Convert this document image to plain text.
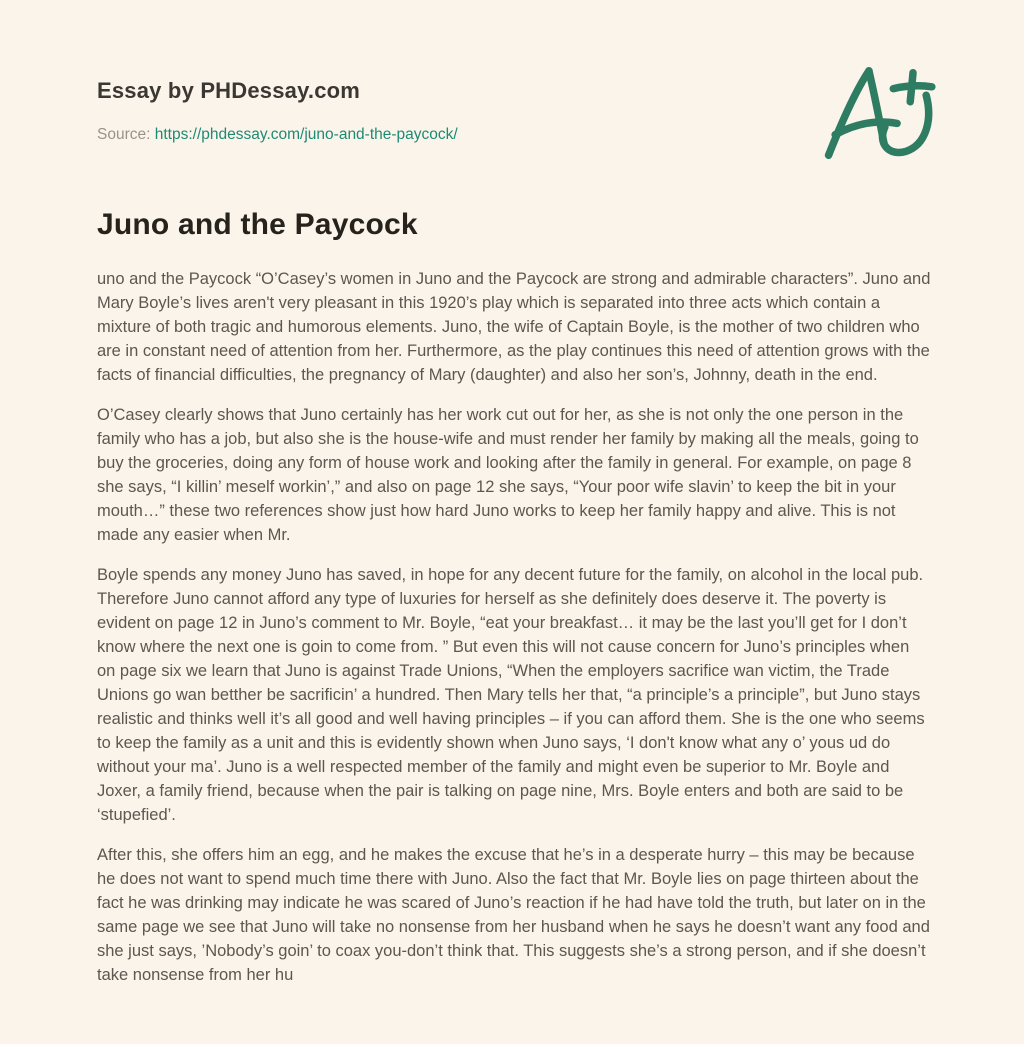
Essay by PHDessay.com
Source: https://phdessay.com/juno-and-the-paycock/
Juno and the Paycock

uno and the Paycock “O’Casey’s women in Juno and the Paycock are strong and admirable characters”. Juno and Mary Boyle’s lives aren't very pleasant in this 1920’s play which is separated into three acts which contain a mixture of both tragic and humorous elements. Juno, the wife of Captain Boyle, is the mother of two children who are in constant need of attention from her. Furthermore, as the play continues this need of attention grows with the facts of financial difficulties, the pregnancy of Mary (daughter) and also her son’s, Johnny, death in the end.

O’Casey clearly shows that Juno certainly has her work cut out for her, as she is not only the one person in the family who has a job, but also she is the house-wife and must render her family by making all the meals, going to buy the groceries, doing any form of house work and looking after the family in general. For example, on page 8 she says, “I killin’ meself workin’,” and also on page 12 she says, “Your poor wife slavin’ to keep the bit in your mouth…” these two references show just how hard Juno works to keep her family happy and alive. This is not made any easier when Mr.

Boyle spends any money Juno has saved, in hope for any decent future for the family, on alcohol in the local pub. Therefore Juno cannot afford any type of luxuries for herself as she definitely does deserve it. The poverty is evident on page 12 in Juno’s comment to Mr. Boyle, “eat your breakfast… it may be the last you’ll get for I don’t know where the next one is goin to come from. ” But even this will not cause concern for Juno’s principles when on page six we learn that Juno is against Trade Unions, “When the employers sacrifice wan victim, the Trade Unions go wan betther be sacrificin’ a hundred. Then Mary tells her that, “a principle’s a principle”, but Juno stays realistic and thinks well it’s all good and well having principles – if you can afford them. She is the one who seems to keep the family as a unit and this is evidently shown when Juno says, ‘I don't know what any o’ yous ud do without your ma’. Juno is a well respected member of the family and might even be superior to Mr. Boyle and Joxer, a family friend, because when the pair is talking on page nine, Mrs. Boyle enters and both are said to be ‘stupefied’.

After this, she offers him an egg, and he makes the excuse that he’s in a desperate hurry – this may be because he does not want to spend much time there with Juno. Also the fact that Mr. Boyle lies on page thirteen about the fact he was drinking may indicate he was scared of Juno’s reaction if he had have told the truth, but later on in the same page we see that Juno will take no nonsense from her husband when he says he doesn’t want any food and she just says, ’Nobody’s goin’ to coax you-don’t think that. This suggests she’s a strong person, and if she doesn’t take nonsense from her hu
